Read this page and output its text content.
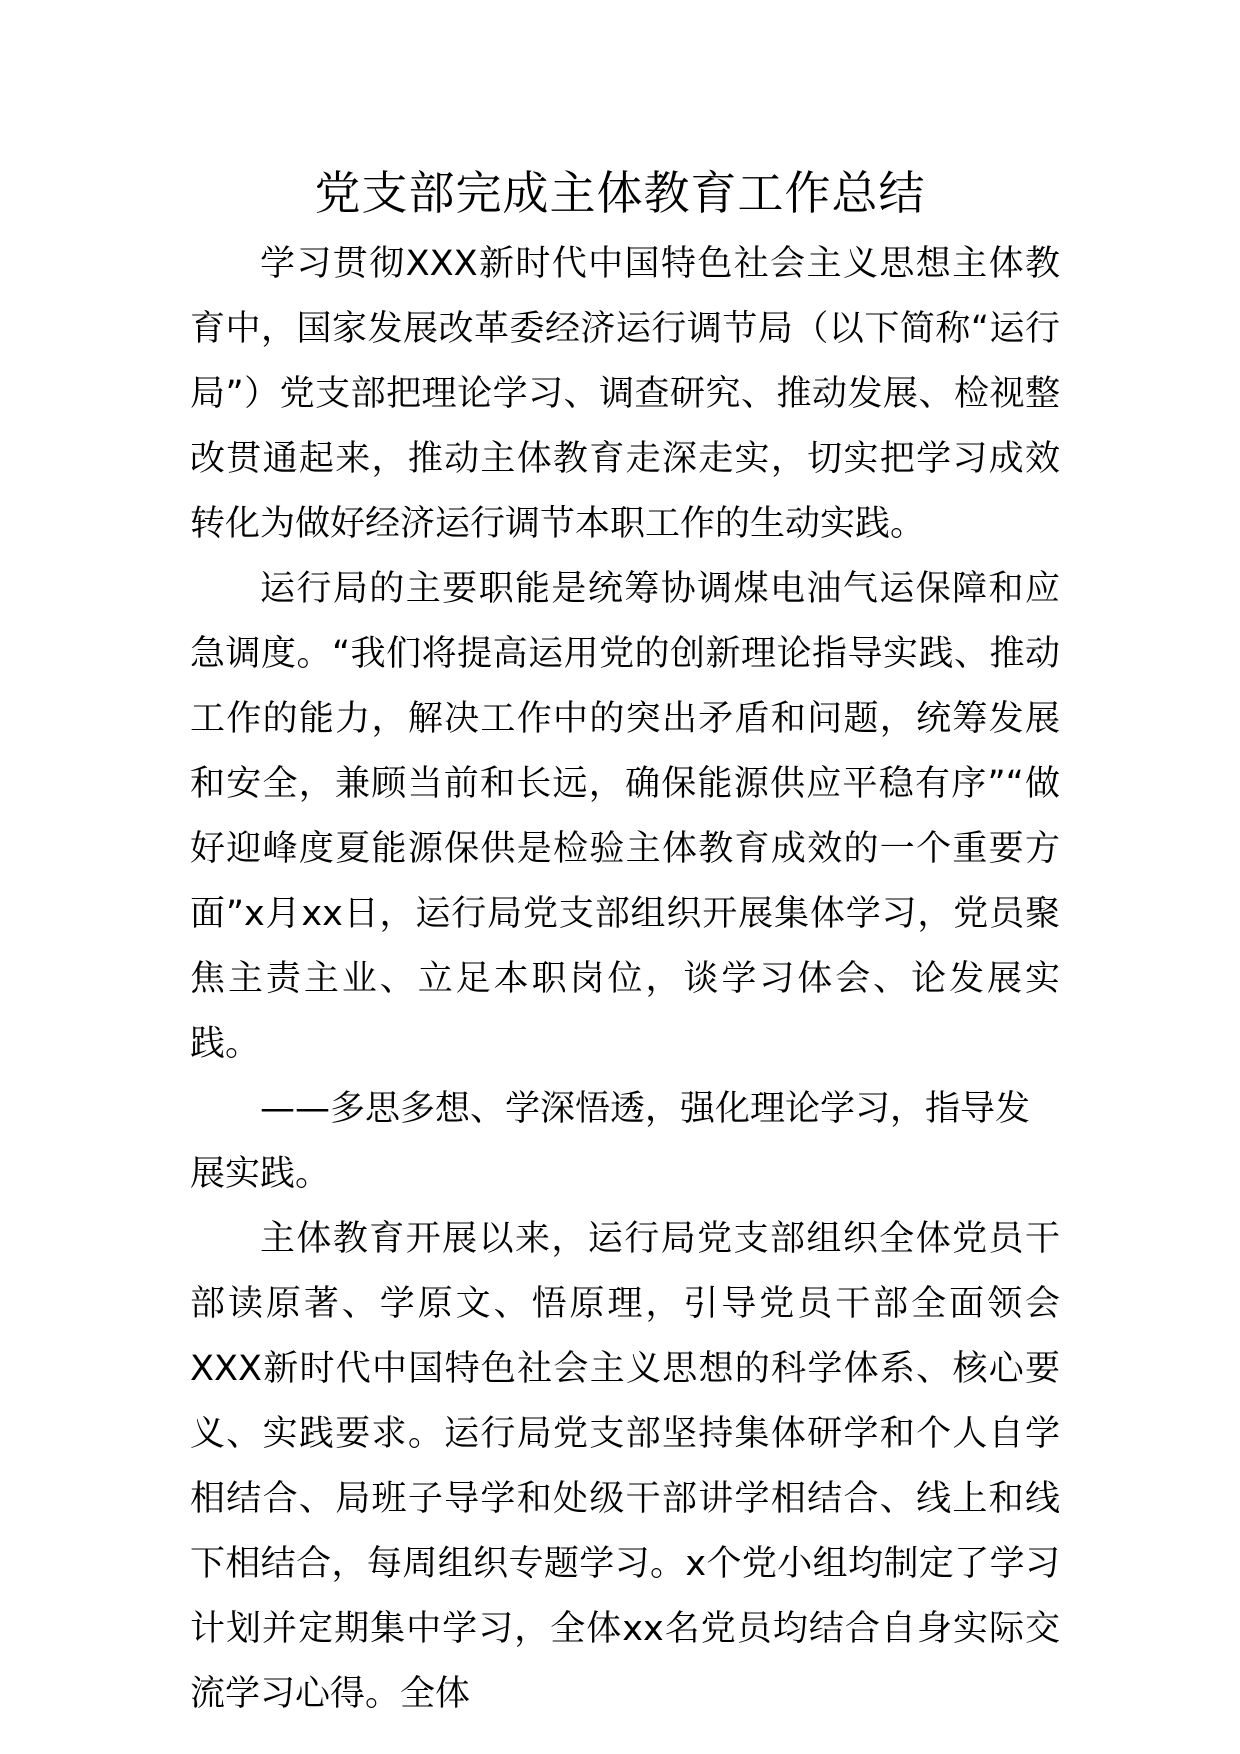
党支部完成主体教育工作总结

学习贯彻XXX新时代中国特色社会主义思想主体教育中，国家发展改革委经济运行调节局（以下简称“运行局”）党支部把理论学习、调查研究、推动发展、检视整改贯通起来，推动主体教育走深走实，切实把学习成效转化为做好经济运行调节本职工作的生动实践。

运行局的主要职能是统筹协调煤电油气运保障和应急调度。“我们将提高运用党的创新理论指导实践、推动工作的能力，解决工作中的突出矛盾和问题，统筹发展和安全，兼顾当前和长远，确保能源供应平稳有序”“做好迎峰度夏能源保供是检验主体教育成效的一个重要方面”x月xx日，运行局党支部组织开展集体学习，党员聚焦主责主业、立足本职岗位，谈学习体会、论发展实践。

——多思多想、学深悟透，强化理论学习，指导发展实践。

主体教育开展以来，运行局党支部组织全体党员干部读原著、学原文、悟原理，引导党员干部全面领会XXX新时代中国特色社会主义思想的科学体系、核心要义、实践要求。运行局党支部坚持集体研学和个人自学相结合、局班子导学和处级干部讲学相结合、线上和线下相结合，每周组织专题学习。x个党小组均制定了学习计划并定期集中学习，全体xx名党员均结合自身实际交流学习心得。全体
